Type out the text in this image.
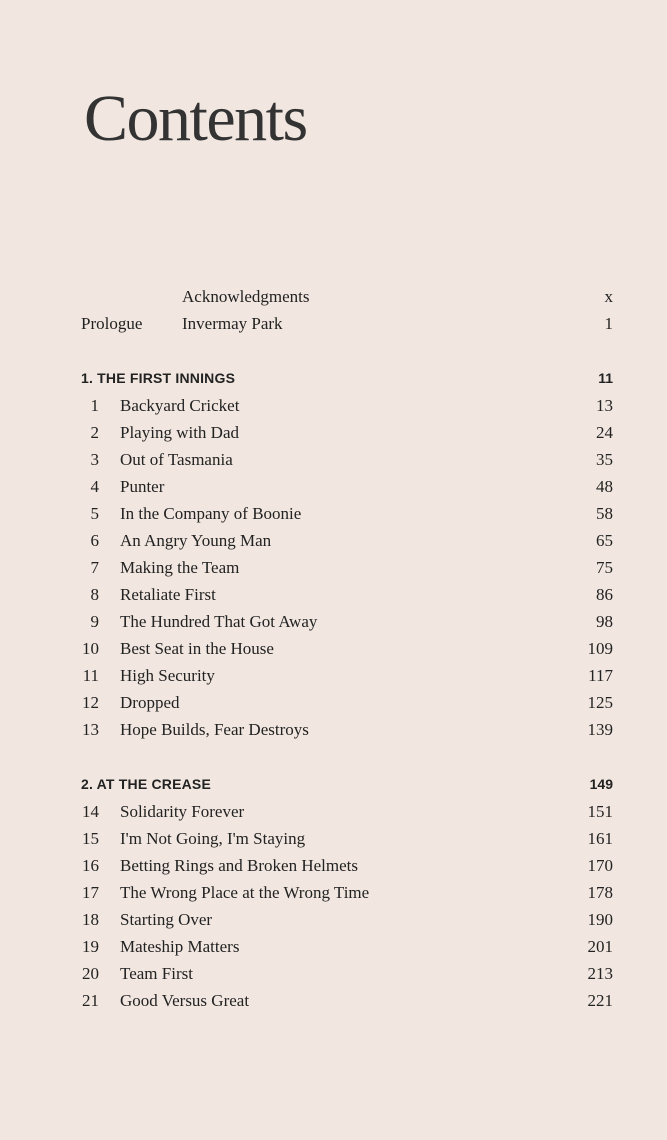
Contents
Acknowledgments	x
Prologue Invermay Park	1
1. THE FIRST INNINGS	11
1 Backyard Cricket	13
2 Playing with Dad	24
3 Out of Tasmania	35
4 Punter	48
5 In the Company of Boonie	58
6 An Angry Young Man	65
7 Making the Team	75
8 Retaliate First	86
9 The Hundred That Got Away	98
10 Best Seat in the House	109
11 High Security	117
12 Dropped	125
13 Hope Builds, Fear Destroys	139
2. AT THE CREASE	149
14 Solidarity Forever	151
15 I'm Not Going, I'm Staying	161
16 Betting Rings and Broken Helmets	170
17 The Wrong Place at the Wrong Time	178
18 Starting Over	190
19 Mateship Matters	201
20 Team First	213
21 Good Versus Great	221
